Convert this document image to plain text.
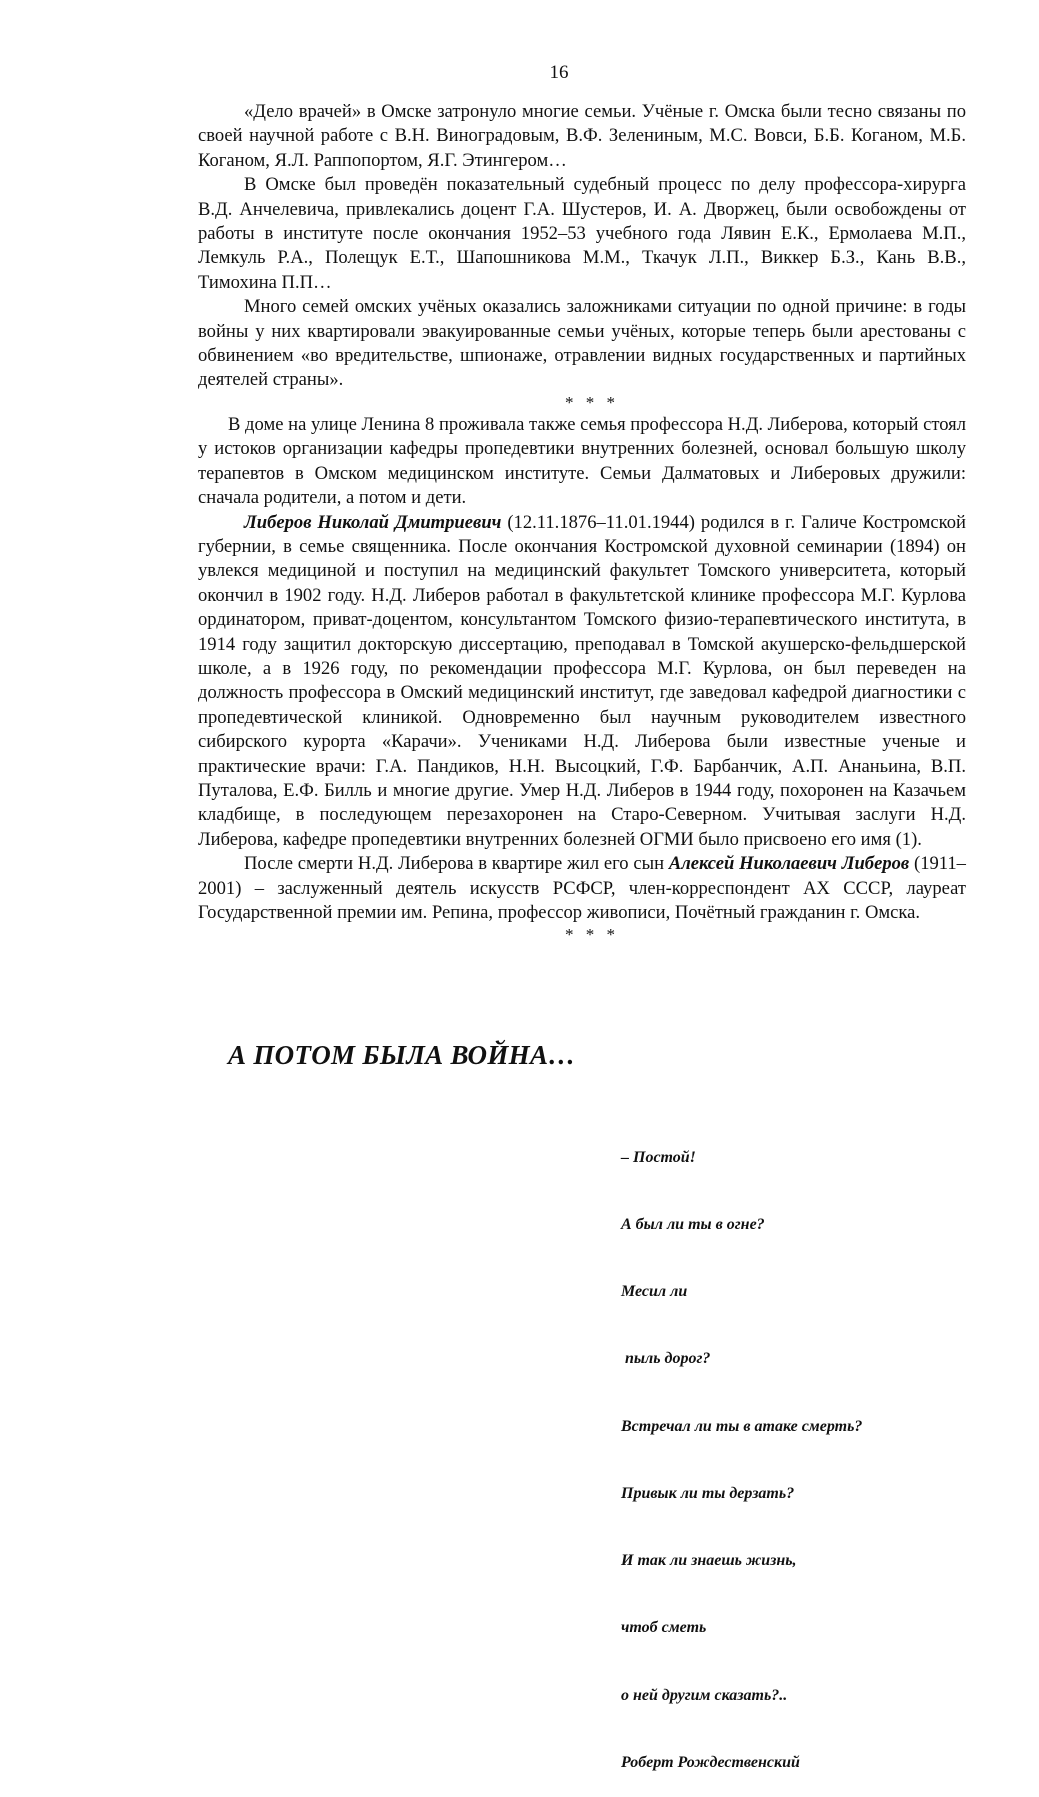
16

«Дело врачей» в Омске затронуло многие семьи. Учёные г. Омска были тесно связаны по своей научной работе с В.Н. Виноградовым, В.Ф. Зелениным, М.С. Вовси, Б.Б. Коганом, М.Б. Коганом, Я.Л. Раппопортом, Я.Г. Этингером…

В Омске был проведён показательный судебный процесс по делу профессора-хирурга В.Д. Анчелевича, привлекались доцент Г.А. Шустеров, И. А. Дворжец, были освобождены от работы в институте после окончания 1952–53 учебного года Лявин Е.К., Ермолаева М.П., Лемкуль Р.А., Полещук Е.Т., Шапошникова М.М., Ткачук Л.П., Виккер Б.З., Кань В.В., Тимохина П.П…

Много семей омских учёных оказались заложниками ситуации по одной причине: в годы войны у них квартировали эвакуированные семьи учёных, которые теперь были арестованы с обвинением «во вредительстве, шпионаже, отравлении видных государственных и партийных деятелей страны».

* * *

В доме на улице Ленина 8 проживала также семья профессора Н.Д. Либерова, который стоял у истоков организации кафедры пропедевтики внутренних болезней, основал большую школу терапевтов в Омском медицинском институте. Семьи Далматовых и Либеровых дружили: сначала родители, а потом и дети.

Либеров Николай Дмитриевич (12.11.1876–11.01.1944) родился в г. Галиче Костромской губернии, в семье священника. После окончания Костромской духовной семинарии (1894) он увлекся медициной и поступил на медицинский факультет Томского университета, который окончил в 1902 году. Н.Д. Либеров работал в факультетской клинике профессора М.Г. Курлова ординатором, приват-доцентом, консультантом Томского физио-терапевтического института, в 1914 году защитил докторскую диссертацию, преподавал в Томской акушерско-фельдшерской школе, а в 1926 году, по рекомендации профессора М.Г. Курлова, он был переведен на должность профессора в Омский медицинский институт, где заведовал кафедрой диагностики с пропедевтической клиникой. Одновременно был научным руководителем известного сибирского курорта «Карачи». Учениками Н.Д. Либерова были известные ученые и практические врачи: Г.А. Пандиков, Н.Н. Высоцкий, Г.Ф. Барбанчик, А.П. Ананьина, В.П. Путалова, Е.Ф. Билль и многие другие. Умер Н.Д. Либеров в 1944 году, похоронен на Казачьем кладбище, в последующем перезахоронен на Старо-Северном. Учитывая заслуги Н.Д. Либерова, кафедре пропедевтики внутренних болезней ОГМИ было присвоено его имя (1).

После смерти Н.Д. Либерова в квартире жил его сын Алексей Николаевич Либеров (1911–2001) – заслуженный деятель искусств РСФСР, член-корреспондент АХ СССР, лауреат Государственной премии им. Репина, профессор живописи, Почётный гражданин г. Омска.

* * *
А ПОТОМ БЫЛА ВОЙНА…

– Постой!

А был ли ты в огне?

Месил ли

пыль дорог?

Встречал ли ты в атаке смерть?

Привык ли ты дерзать?

И так ли знаешь жизнь,

чтоб сметь

о ней другим сказать?..

Роберт Рождественский
